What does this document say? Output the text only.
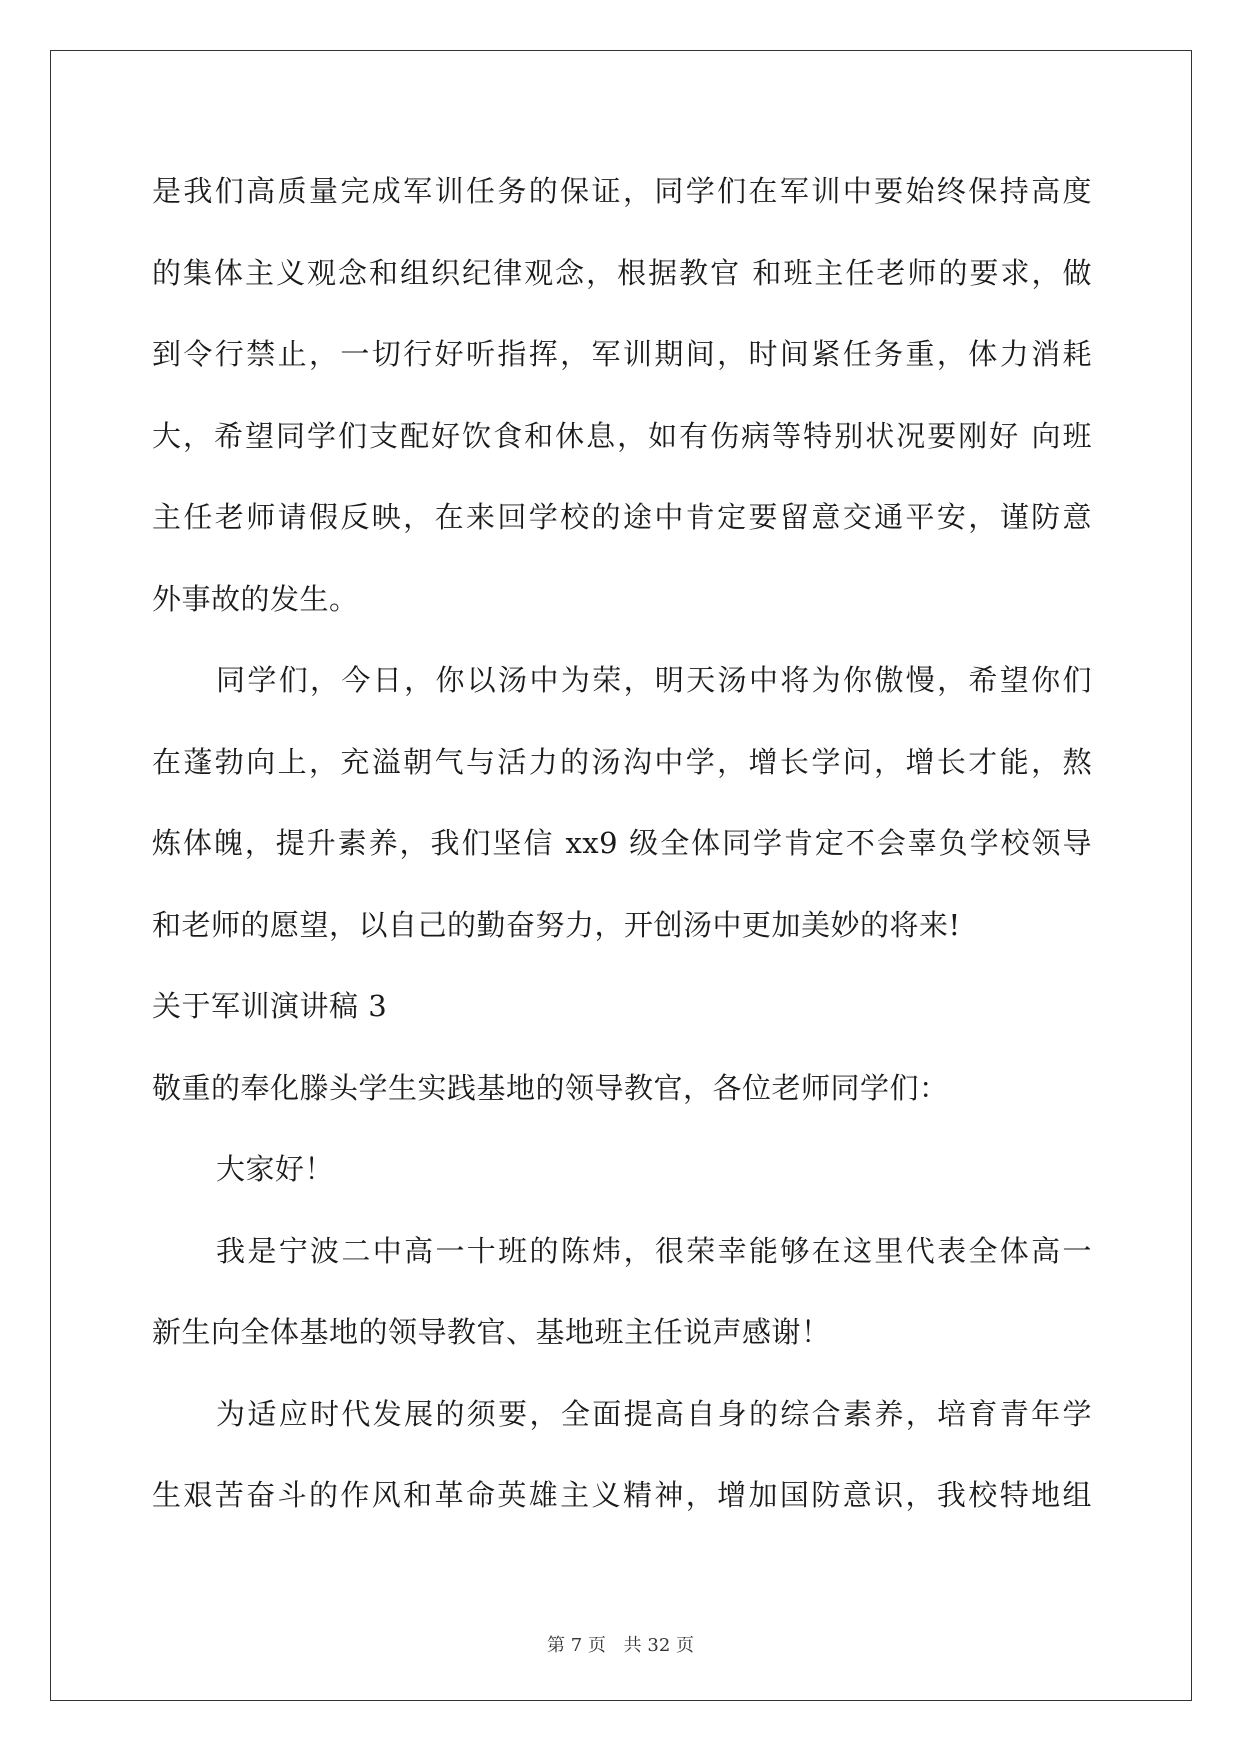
是我们高质量完成军训任务的保证，同学们在军训中要始终保持高度
的集体主义观念和组织纪律观念，根据教官 和班主任老师的要求，做
到令行禁止，一切行好听指挥，军训期间，时间紧任务重，体力消耗
大，希望同学们支配好饮食和休息，如有伤病等特别状况要刚好 向班
主任老师请假反映，在来回学校的途中肯定要留意交通平安，谨防意
外事故的发生。
同学们，今日，你以汤中为荣，明天汤中将为你傲慢，希望你们
在蓬勃向上，充溢朝气与活力的汤沟中学，增长学问，增长才能，熬
炼体魄，提升素养，我们坚信 xx9 级全体同学肯定不会辜负学校领导
和老师的愿望，以自己的勤奋努力，开创汤中更加美妙的将来!
关于军训演讲稿 3
敬重的奉化滕头学生实践基地的领导教官，各位老师同学们：
大家好！
我是宁波二中高一十班的陈炜，很荣幸能够在这里代表全体高一
新生向全体基地的领导教官、基地班主任说声感谢！
为适应时代发展的须要，全面提高自身的综合素养，培育青年学
生艰苦奋斗的作风和革命英雄主义精神，增加国防意识，我校特地组
第 7 页 共 32 页
